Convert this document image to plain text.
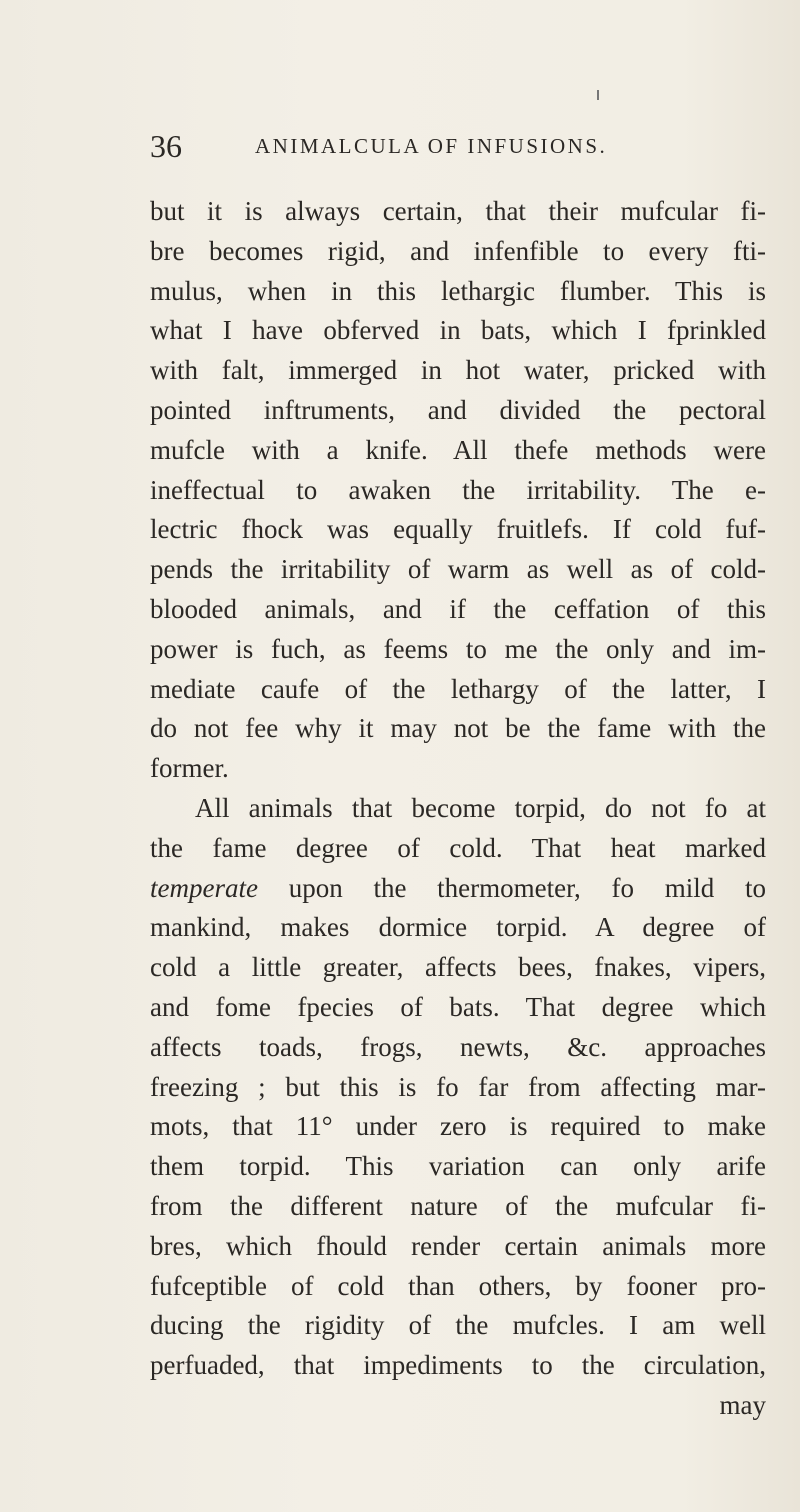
36	ANIMALCULA OF INFUSIONS.
but it is always certain, that their mufcular fi-
bre becomes rigid, and infenfible to every fti-
mulus, when in this lethargic flumber. This is
what I have obferved in bats, which I fprinkled
with falt, immerged in hot water, pricked with
pointed inftruments, and divided the pectoral
mufcle with a knife. All thefe methods were
ineffectual to awaken the irritability. The e-
lectric fhock was equally fruitlefs. If cold fuf-
pends the irritability of warm as well as of cold-
blooded animals, and if the ceffation of this
power is fuch, as feems to me the only and im-
mediate caufe of the lethargy of the latter, I
do not fee why it may not be the fame with the
former.
All animals that become torpid, do not fo at
the fame degree of cold. That heat marked
temperate upon the thermometer, fo mild to
mankind, makes dormice torpid. A degree of
cold a little greater, affects bees, fnakes, vipers,
and fome fpecies of bats. That degree which
affects toads, frogs, newts, &c. approaches
freezing ; but this is fo far from affecting mar-
mots, that 11° under zero is required to make
them torpid. This variation can only arife
from the different nature of the mufcular fi-
bres, which fhould render certain animals more
fufceptible of cold than others, by fooner pro-
ducing the rigidity of the mufcles. I am well
perfuaded, that impediments to the circulation,
may
